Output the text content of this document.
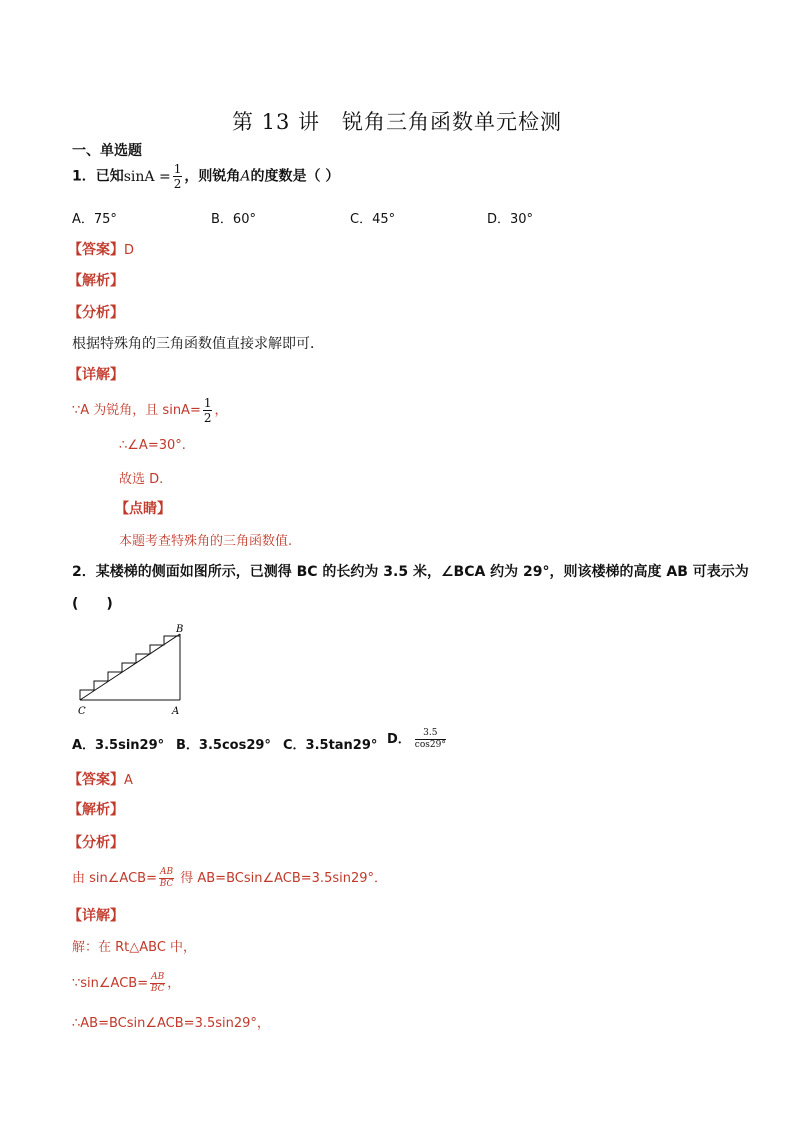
第 13 讲　锐角三角函数单元检测
一、单选题
1．已知$\sin A = \frac{1}{2}$ ，则锐角A的度数是（ ）
A．75°	B．60°	C．45°	D．30°
【答案】D
【解析】
【分析】
根据特殊角的三角函数值直接求解即可．
【详解】
∵A 为锐角，且 $\sin A= \frac{1}{2}$ ，
∴∠A=30°.
故选 D.
【点睛】
本题考查特殊角的三角函数值.
2．某楼梯的侧面如图所示，已测得 BC 的长约为 3.5 米，∠BCA 约为 29°，则该楼梯的高度 AB 可表示为
(　　)
B
C	A
A．3.5sin29° B．3.5cos29° C．3.5tan29° D． $\frac{3.5}{\cos 29^\circ}$
【答案】A
【解析】
【分析】
由 sin∠ACB= $\frac{AB}{BC}$ 得 AB=BCsin∠ACB=3.5sin29°．
【详解】
解：在 Rt△ABC 中，
∵sin∠ACB= $\frac{AB}{BC}$ ，
∴AB=BCsin∠ACB=3.5sin29°，
